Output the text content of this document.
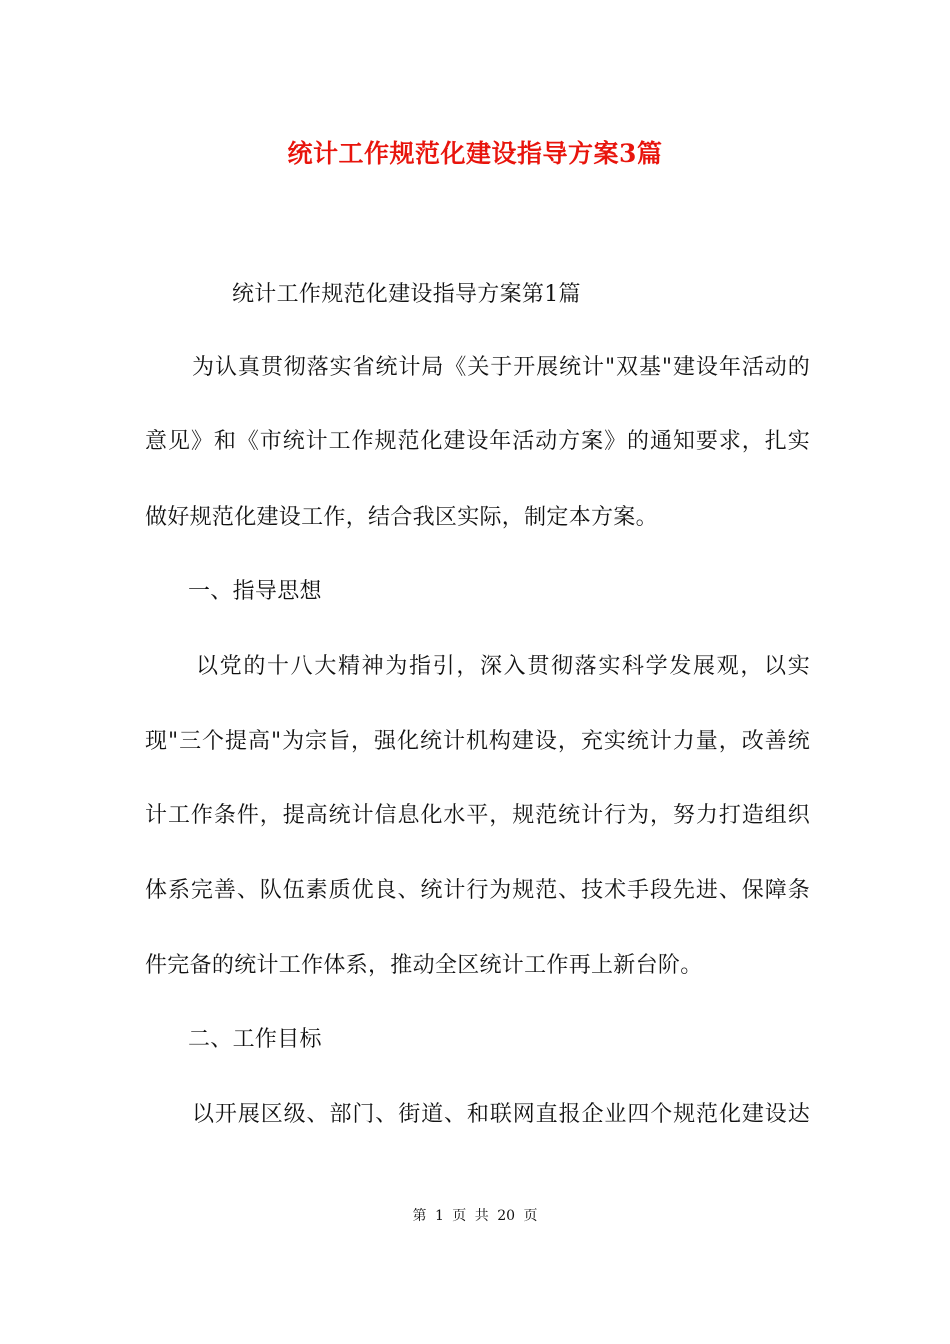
统计工作规范化建设指导方案3篇
统计工作规范化建设指导方案第1篇
为认真贯彻落实省统计局《关于开展统计"双基"建设年活动的
意见》和《市统计工作规范化建设年活动方案》的通知要求，扎实
做好规范化建设工作，结合我区实际，制定本方案。
一、指导思想
以党的十八大精神为指引，深入贯彻落实科学发展观，以实
现"三个提高"为宗旨，强化统计机构建设，充实统计力量，改善统
计工作条件，提高统计信息化水平，规范统计行为，努力打造组织
体系完善、队伍素质优良、统计行为规范、技术手段先进、保障条
件完备的统计工作体系，推动全区统计工作再上新台阶。
二、工作目标
以开展区级、部门、街道、和联网直报企业四个规范化建设达
第 1 页 共 20 页
